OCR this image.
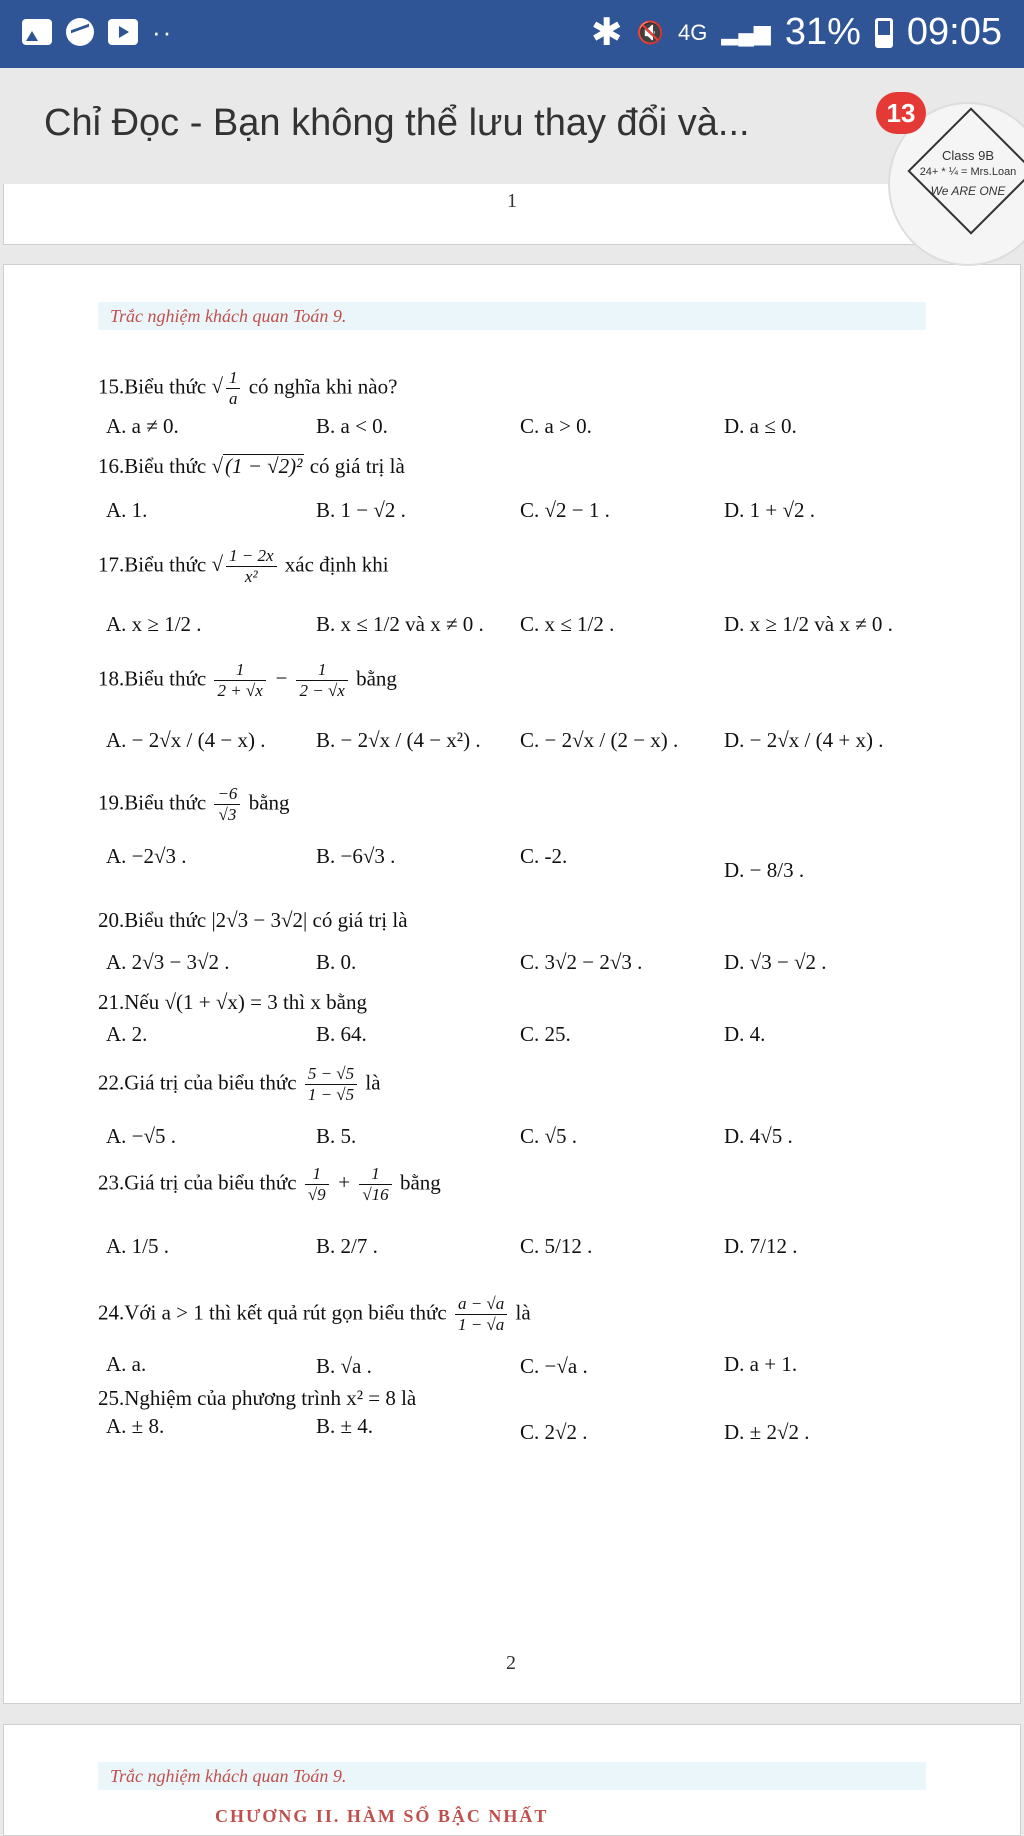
··	✱ 🔇 4G ▂▄▆ 31% 09:05
Chỉ Đọc - Bạn không thể lưu thay đổi và...	13
Class 9B
24+ * ¼ = Mrs.Loan
We ARE ONE
1
Trắc nghiệm khách quan Toán 9.
15.Biểu thức √ $\frac{1}{a}$ có nghĩa khi nào?
A. a ≠ 0.	B. a < 0.	C. a > 0.	D. a ≤ 0.
16.Biểu thức √(1 − √2)² có giá trị là
A. 1.	B. 1 − √2 .	C. √2 − 1 .	D. 1 + √2 .
17.Biểu thức √ $\frac{1 - 2x}{\text{x²}}$ xác định khi
A. x ≥ 1/2 .	B. x ≤ 1/2 và x ≠ 0 . C. x ≤ 1/2 .	D. x ≥ 1/2 và x ≠ 0 .
18.Biểu thức $\frac{1}{2 + √x} - \frac{1}{2 - √x}$ bằng
A. − 2√x / (4 − x) . B. − 2√x / (4 − x²) . C. − 2√x / (2 − x) . D. − 2√x / (4 + x) .
19.Biểu thức $\frac{-6}{√3}$ bằng
A. −2√3 .	B. −6√3 .	C. -2.
D. − 8/3 .
20.Biểu thức |2√3 − 3√2| có giá trị là
A. 2√3 − 3√2 .	B. 0.	C. 3√2 − 2√3 .	D. √3 − √2 .
21.Nếu √(1 + √x) = 3 thì x bằng
A. 2.	B. 64.	C. 25.	D. 4.
22.Giá trị của biểu thức $\frac{5 - √5}{1 - √5}$ là
A. −√5 .	B. 5.	C. √5 .	D. 4√5 .
23.Giá trị của biểu thức $\frac{1}{√9} + \frac{1}{√16}$ bằng
A. 1/5 .	B. 2/7 .	C. 5/12 .	D. 7/12 .
24.Với a > 1 thì kết quả rút gọn biểu thức $\frac{a - √a}{1 - √a}$ là
A. a.	B. √a .	C. −√a .	D. a + 1.
25.Nghiệm của phương trình x² = 8 là
A. ± 8.	B. ± 4.	C. 2√2 .	D. ± 2√2 .
2
Trắc nghiệm khách quan Toán 9.
CHƯƠNG II. HÀM SỐ BẬC NHẤT
